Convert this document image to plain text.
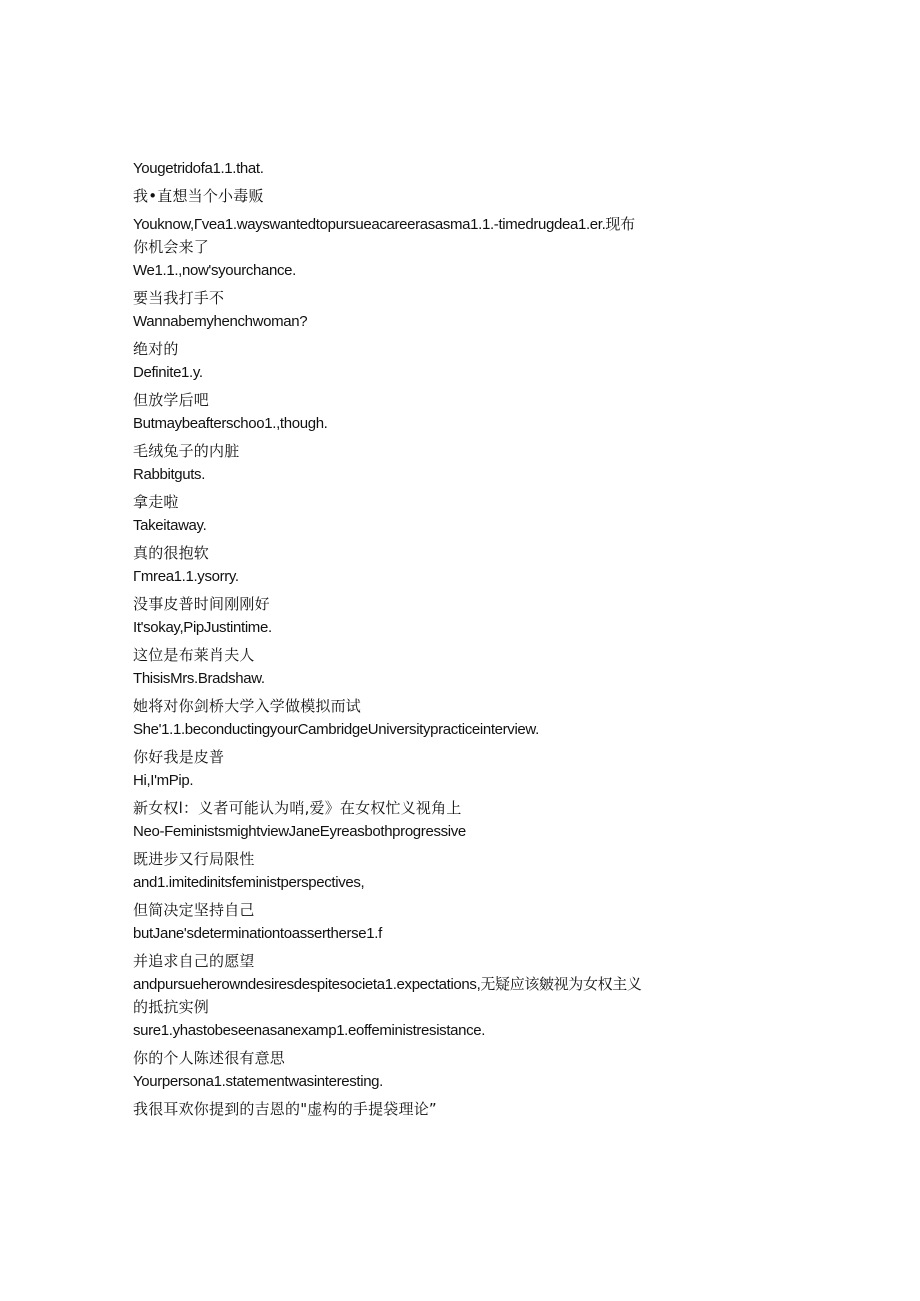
Yougetridofa1.1.that.
我•直想当个小毒贩
Youknow,Γvea1.wayswantedtopursueacareerasasma1.1.-timedrugdea1.er.现布
你机会来了
We1.1.,now'syourchance.
要当我打手不
Wannabemyhenchwoman?
绝对的
Definite1.y.
但放学后吧
Butmaybeafterschoo1.,though.
毛绒兔子的内脏
Rabbitguts.
拿走啦
Takeitaway.
真的很抱软
Γmrea1.1.ysorry.
没事皮普时间刚刚好
It'sokay,PipJustintime.
这位是布莱肖夫人
ThisisMrs.Bradshaw.
她将对你剑桥大学入学做模拟而试
She'1.1.beconductingyourCambridgeUniversitypracticeinterview.
你好我是皮普
Hi,I'mPip.
新女权l：义者可能认为哨,爱》在女权忙义视角上
Neo-FeministsmightviewJaneEyreasbothprogressive
既进步又行局限性
and1.imitedinitsfeministperspectives,
但简决定坚持自己
butJane'sdeterminationtoassertherse1.f
并追求自己的愿望
andpursueherowndesiresdespitesocieta1.expectations,无疑应该皴视为女权主义
的抵抗实例
sure1.yhastobeseenasanexamp1.eoffeministresistance.
你的个人陈述很有意思
Yourpersona1.statementwasinteresting.
我很耳欢你提到的吉恩的"虚构的手提袋理论”
